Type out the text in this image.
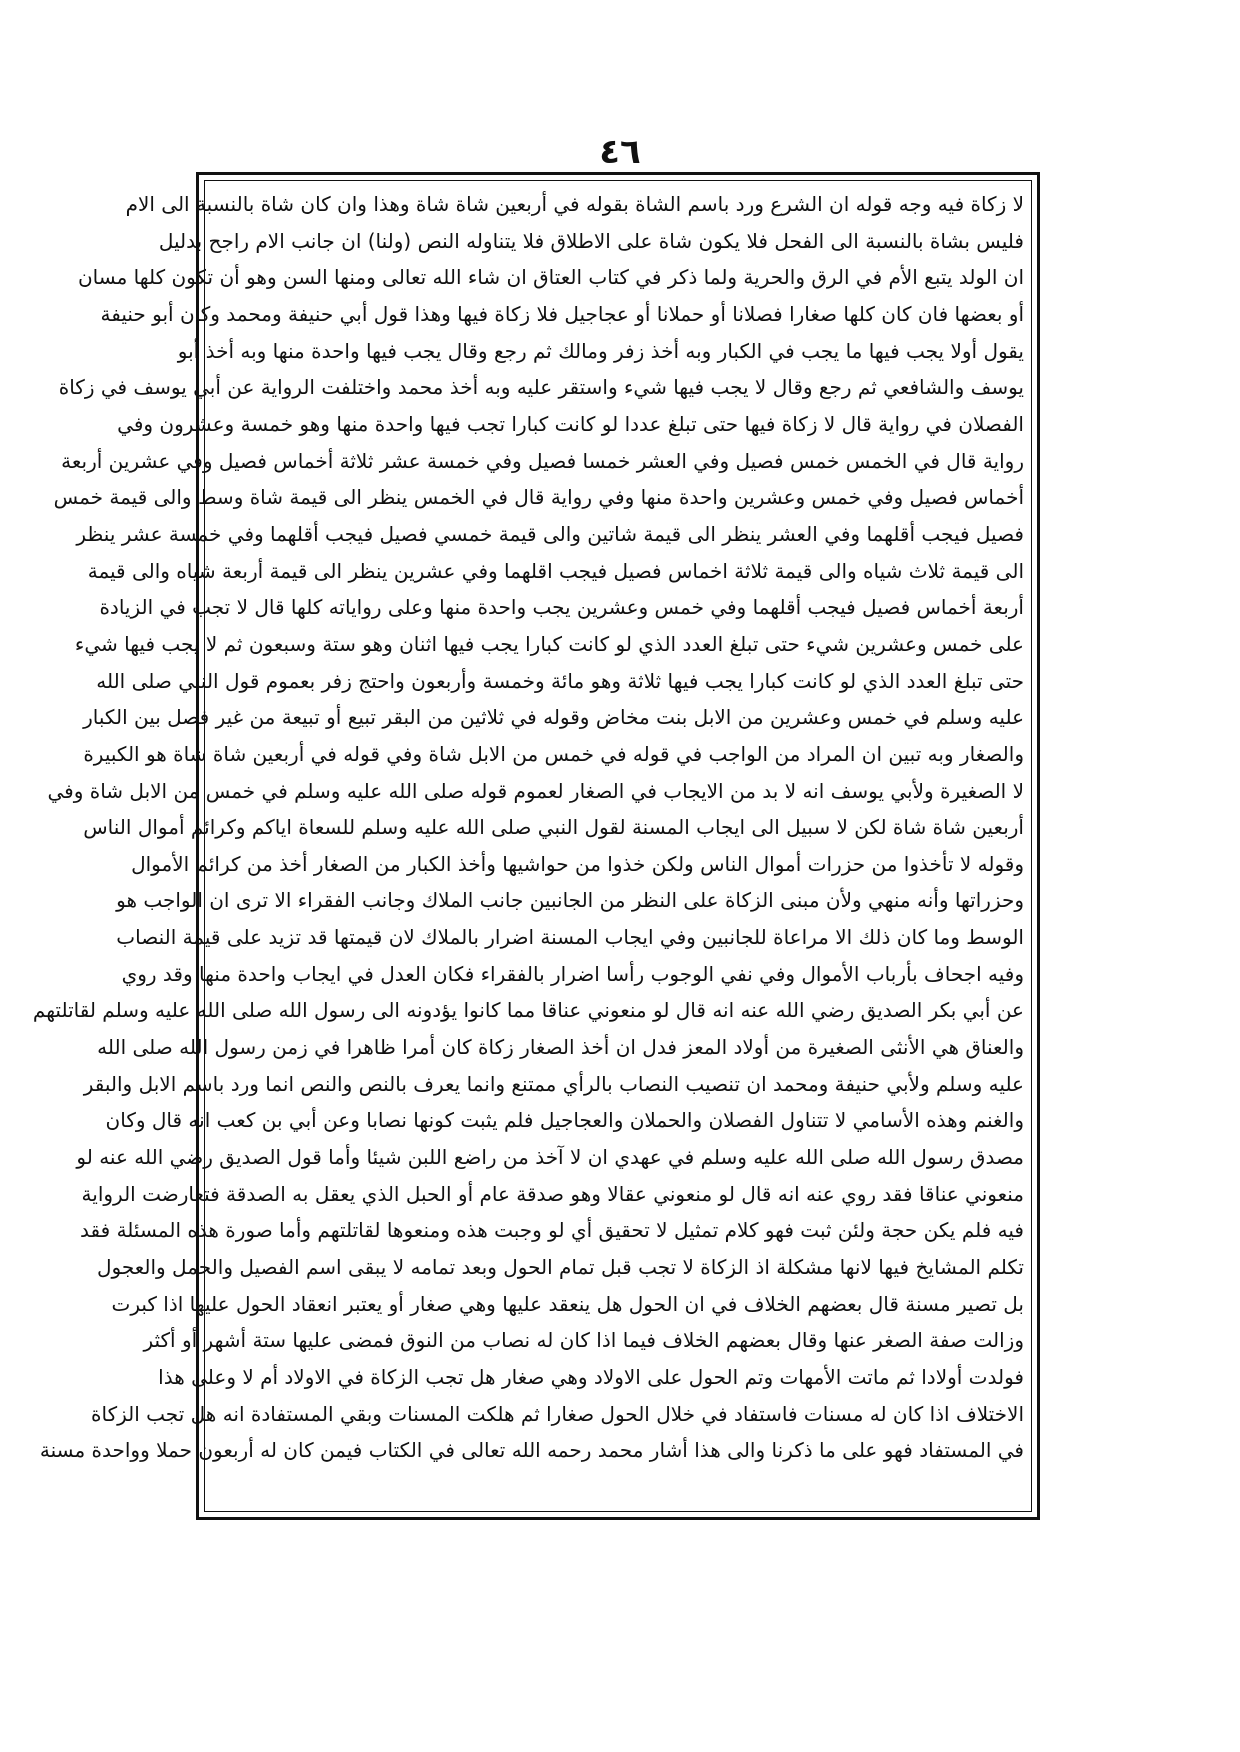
٤٦
لا زكاة فيه وجه قوله ان الشرع ورد باسم الشاة بقوله في أربعين شاة شاة وهذا وان كان شاة بالنسبة الى الام
فليس بشاة بالنسبة الى الفحل فلا يكون شاة على الاطلاق فلا يتناوله النص (ولنا) ان جانب الام راجح بدليل
ان الولد يتبع الأم في الرق والحرية ولما ذكر في كتاب العتاق ان شاء الله تعالى ومنها السن وهو أن تكون كلها مسان
أو بعضها فان كان كلها صغارا فصلانا أو حملانا أو عجاجيل فلا زكاة فيها وهذا قول أبي حنيفة ومحمد وكان أبو حنيفة
يقول أولا يجب فيها ما يجب في الكبار وبه أخذ زفر ومالك ثم رجع وقال يجب فيها واحدة منها وبه أخذ أبو
يوسف والشافعي ثم رجع وقال لا يجب فيها شيء واستقر عليه وبه أخذ محمد واختلفت الرواية عن أبي يوسف في زكاة
الفصلان في رواية قال لا زكاة فيها حتى تبلغ عددا لو كانت كبارا تجب فيها واحدة منها وهو خمسة وعشرون وفي
رواية قال في الخمس خمس فصيل وفي العشر خمسا فصيل وفي خمسة عشر ثلاثة أخماس فصيل وفي عشرين أربعة
أخماس فصيل وفي خمس وعشرين واحدة منها وفي رواية قال في الخمس ينظر الى قيمة شاة وسط والى قيمة خمس
فصيل فيجب أقلهما وفي العشر ينظر الى قيمة شاتين والى قيمة خمسي فصيل فيجب أقلهما وفي خمسة عشر ينظر
الى قيمة ثلاث شياه والى قيمة ثلاثة اخماس فصيل فيجب اقلهما وفي عشرين ينظر الى قيمة أربعة شياه والى قيمة
أربعة أخماس فصيل فيجب أقلهما وفي خمس وعشرين يجب واحدة منها وعلى رواياته كلها قال لا تجب في الزيادة
على خمس وعشرين شيء حتى تبلغ العدد الذي لو كانت كبارا يجب فيها اثنان وهو ستة وسبعون ثم لا يجب فيها شيء
حتى تبلغ العدد الذي لو كانت كبارا يجب فيها ثلاثة وهو مائة وخمسة وأربعون واحتج زفر بعموم قول النبي صلى الله
عليه وسلم في خمس وعشرين من الابل بنت مخاض وقوله في ثلاثين من البقر تبيع أو تبيعة من غير فصل بين الكبار
والصغار وبه تبين ان المراد من الواجب في قوله في خمس من الابل شاة وفي قوله في أربعين شاة شاة هو الكبيرة
لا الصغيرة ولأبي يوسف انه لا بد من الايجاب في الصغار لعموم قوله صلى الله عليه وسلم في خمس من الابل شاة وفي
أربعين شاة شاة لكن لا سبيل الى ايجاب المسنة لقول النبي صلى الله عليه وسلم للسعاة اياكم وكرائم أموال الناس
وقوله لا تأخذوا من حزرات أموال الناس ولكن خذوا من حواشيها وأخذ الكبار من الصغار أخذ من كرائم الأموال
وحزراتها وأنه منهي ولأن مبنى الزكاة على النظر من الجانبين جانب الملاك وجانب الفقراء الا ترى ان الواجب هو
الوسط وما كان ذلك الا مراعاة للجانبين وفي ايجاب المسنة اضرار بالملاك لان قيمتها قد تزيد على قيمة النصاب
وفيه اجحاف بأرباب الأموال وفي نفي الوجوب رأسا اضرار بالفقراء فكان العدل في ايجاب واحدة منها وقد روي
عن أبي بكر الصديق رضي الله عنه انه قال لو منعوني عناقا مما كانوا يؤدونه الى رسول الله صلى الله عليه وسلم لقاتلتهم
والعناق هي الأنثى الصغيرة من أولاد المعز فدل ان أخذ الصغار زكاة كان أمرا ظاهرا في زمن رسول الله صلى الله
عليه وسلم ولأبي حنيفة ومحمد ان تنصيب النصاب بالرأي ممتنع وانما يعرف بالنص والنص انما ورد باسم الابل والبقر
والغنم وهذه الأسامي لا تتناول الفصلان والحملان والعجاجيل فلم يثبت كونها نصابا وعن أبي بن كعب انه قال وكان
مصدق رسول الله صلى الله عليه وسلم في عهدي ان لا آخذ من راضع اللبن شيئا وأما قول الصديق رضي الله عنه لو
منعوني عناقا فقد روي عنه انه قال لو منعوني عقالا وهو صدقة عام أو الحبل الذي يعقل به الصدقة فتعارضت الرواية
فيه فلم يكن حجة ولئن ثبت فهو كلام تمثيل لا تحقيق أي لو وجبت هذه ومنعوها لقاتلتهم وأما صورة هذه المسئلة فقد
تكلم المشايخ فيها لانها مشكلة اذ الزكاة لا تجب قبل تمام الحول وبعد تمامه لا يبقى اسم الفصيل والحمل والعجول
بل تصير مسنة قال بعضهم الخلاف في ان الحول هل ينعقد عليها وهي صغار أو يعتبر انعقاد الحول عليها اذا كبرت
وزالت صفة الصغر عنها وقال بعضهم الخلاف فيما اذا كان له نصاب من النوق فمضى عليها ستة أشهر أو أكثر
فولدت أولادا ثم ماتت الأمهات وتم الحول على الاولاد وهي صغار هل تجب الزكاة في الاولاد أم لا وعلى هذا
الاختلاف اذا كان له مسنات فاستفاد في خلال الحول صغارا ثم هلكت المسنات وبقي المستفادة انه هل تجب الزكاة
في المستفاد فهو على ما ذكرنا والى هذا أشار محمد رحمه الله تعالى في الكتاب فيمن كان له أربعون حملا وواحدة مسنة
